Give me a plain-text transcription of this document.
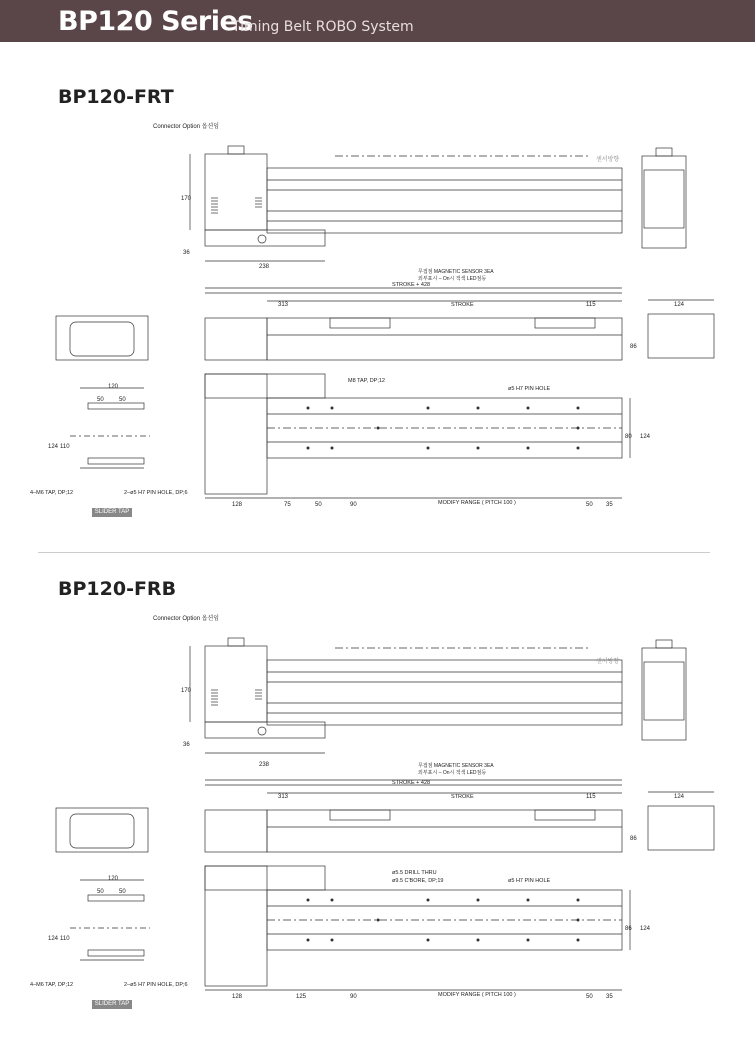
BP120 Series
Timing Belt ROBO System
BP120-FRT
BP120-FRB
Connector Option 옵션임
센서방향
무접점 MAGNETIC SENSOR 3EA
외부표시 – On시 적색 LED점등
STROKE + 428
STROKE
M8 TAP, DP;12
ø5 H7 PIN HOLE
MODIFY RANGE ( PITCH 100 )
4–M6 TAP, DP;12	2–ø5 H7 PIN HOLE, DP;6
SLIDER TAP
170
36
238
313	115	124
86
120
50	50
124 110
80 124
128	75	50	90	50 35
Connector Option 옵션임
센서방향
무접점 MAGNETIC SENSOR 3EA
외부표시 – On시 적색 LED점등
STROKE + 428
STROKE
ø5.5 DRILL THRU
ø9.5 C'BORE, DP;19	ø5 H7 PIN HOLE
MODIFY RANGE ( PITCH 100 )
4–M6 TAP, DP;12	2–ø5 H7 PIN HOLE, DP;6
SLIDER TAP
170
36
238
313	115	124
86
120
50	50
124 110
86 124
128	125	90	50 35
